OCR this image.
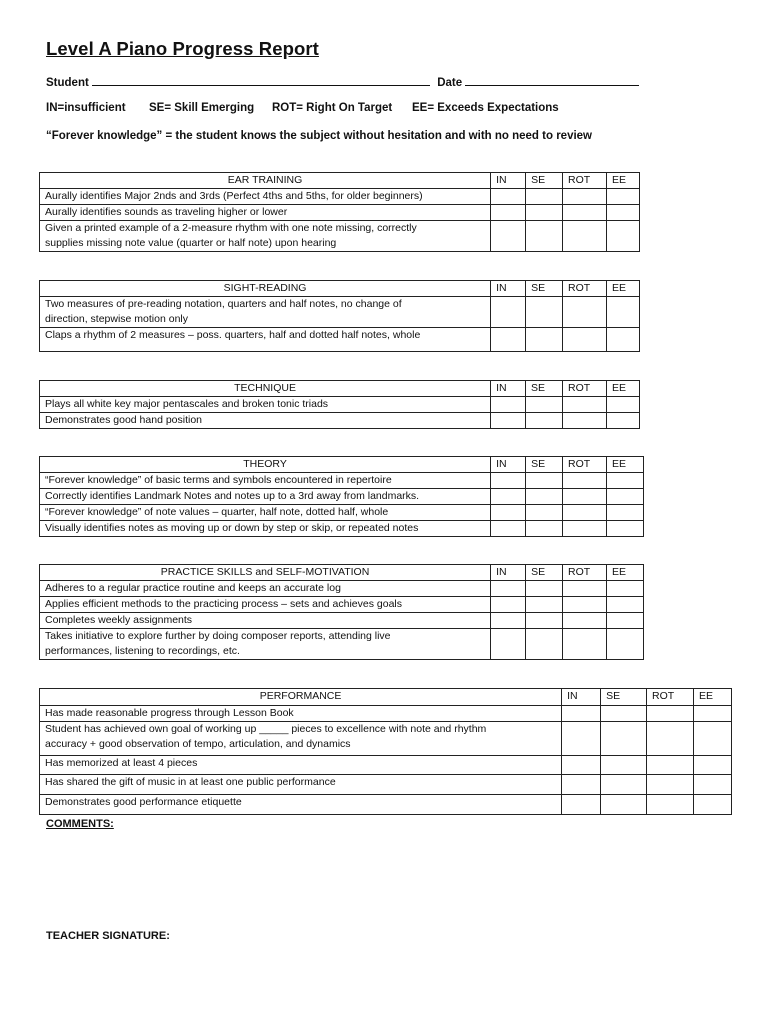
Level A Piano Progress Report
Student	Date
IN=insufficient SE= Skill Emerging ROT= Right On Target EE= Exceeds Expectations
“Forever knowledge” = the student knows the subject without hesitation and with no need to review
EAR TRAINING	IN	SE	ROT	EE

Aurally identifies Major 2nds and 3rds (Perfect 4ths and 5ths, for older beginners)				

Aurally identifies sounds as traveling higher or lower				

Given a printed example of a 2-measure rhythm with one note missing, correctly
supplies missing note value (quarter or half note) upon hearing				

SIGHT-READING	IN	SE	ROT	EE

Two measures of pre-reading notation, quarters and half notes, no change of
direction, stepwise motion only				

Claps a rhythm of 2 measures – poss. quarters, half and dotted half notes, whole				

TECHNIQUE	IN	SE	ROT	EE

Plays all white key major pentascales and broken tonic triads				

Demonstrates good hand position				

THEORY	IN	SE	ROT	EE

“Forever knowledge” of basic terms and symbols encountered in repertoire				

Correctly identifies Landmark Notes and notes up to a 3rd away from landmarks.				

“Forever knowledge” of note values – quarter, half note, dotted half, whole				

Visually identifies notes as moving up or down by step or skip, or repeated notes				

PRACTICE SKILLS and SELF-MOTIVATION	IN	SE	ROT	EE

Adheres to a regular practice routine and keeps an accurate log				

Applies efficient methods to the practicing process – sets and achieves goals				

Completes weekly assignments				

Takes initiative to explore further by doing composer reports, attending live
performances, listening to recordings, etc.				

PERFORMANCE	IN	SE	ROT	EE

Has made reasonable progress through Lesson Book				

Student has achieved own goal of working up _____ pieces to excellence with note and rhythm
accuracy + good observation of tempo, articulation, and dynamics				

Has memorized at least 4 pieces				

Has shared the gift of music in at least one public performance				

Demonstrates good performance etiquette				

COMMENTS:
TEACHER SIGNATURE:
